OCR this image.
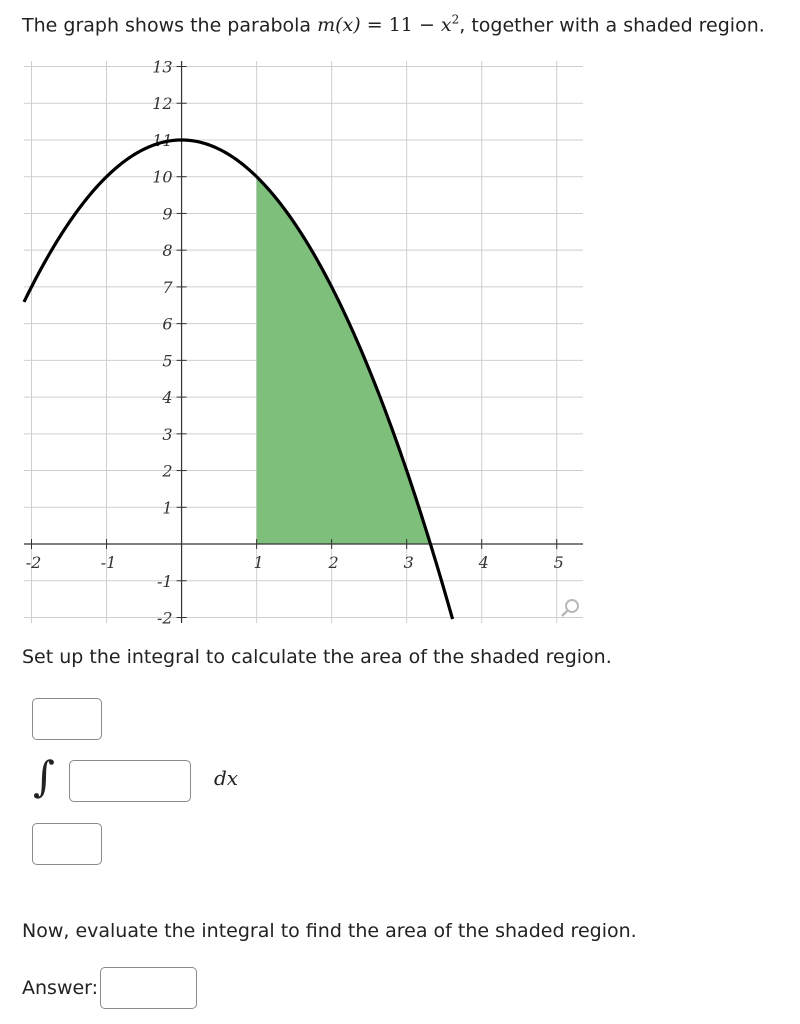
The graph shows the parabola $m(x) = 11 - x^2$, together with a shaded region.
-2	-1	1	2	3	4	5
13
12
11
10
9
8
7
6
5
4
3
2
1
-1
-2
Set up the integral to calculate the area of the shaded region.
∫	dx
Now, evaluate the integral to find the area of the shaded region.
Answer:
